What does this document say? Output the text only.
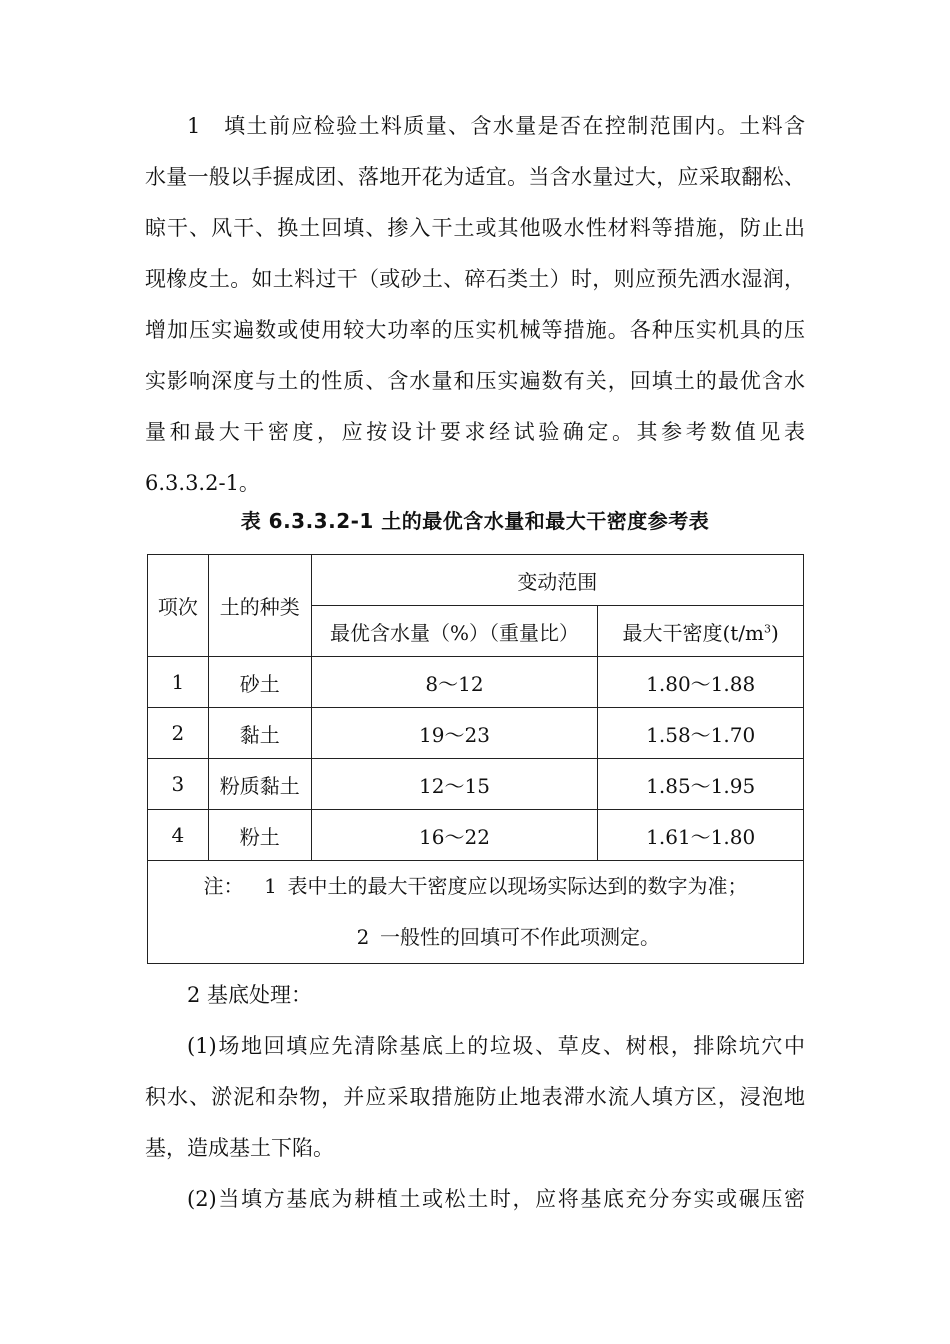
1　填土前应检验土料质量、含水量是否在控制范围内。土料含
水量一般以手握成团、落地开花为适宜。当含水量过大，应采取翻松、
晾干、风干、换土回填、掺入干土或其他吸水性材料等措施，防止出
现橡皮土。如土料过干（或砂土、碎石类土）时，则应预先洒水湿润，
增加压实遍数或使用较大功率的压实机械等措施。各种压实机具的压
实影响深度与土的性质、含水量和压实遍数有关，回填土的最优含水
量和最大干密度，应按设计要求经试验确定。其参考数值见表
6.3.3.2-1。
表 6.3.3.2-1 土的最优含水量和最大干密度参考表
项次	土的种类	变动范围	
		最优含水量（%）（重量比）	最大干密度$(t/m^3)$
1	砂土	8～12	1.80～1.88
2	黏土	19～23	1.58～1.70
3	粉质黏土	12～15	1.85～1.95
4	粉土	16～22	1.61～1.80

注：　 1 表中土的最大干密度应以现场实际达到的数字为准；
2 一般性的回填可不作此项测定。			
2 基底处理：
(1)场地回填应先清除基底上的垃圾、草皮、树根，排除坑穴中
积水、淤泥和杂物，并应采取措施防止地表滞水流人填方区，浸泡地
基，造成基土下陷。
(2)当填方基底为耕植土或松土时，应将基底充分夯实或碾压密
